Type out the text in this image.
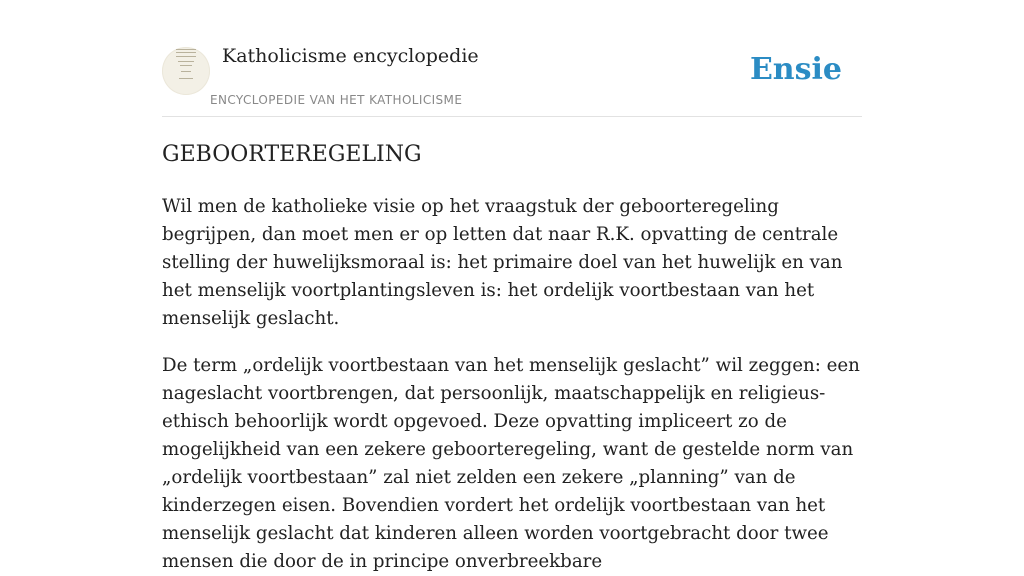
Katholicisme encyclopedie
ENCYCLOPEDIE VAN HET KATHOLICISME
Ensie
GEBOORTEREGELING

Wil men de katholieke visie op het vraagstuk der geboorteregeling begrijpen, dan moet men er op letten dat naar R.K. opvatting de centrale stelling der huwelijksmoraal is: het primaire doel van het huwelijk en van het menselijk voortplantingsleven is: het ordelijk voortbestaan van het menselijk geslacht.

De term „ordelijk voortbestaan van het menselijk geslacht” wil zeggen: een nageslacht voortbrengen, dat persoonlijk, maatschappelijk en religieus-ethisch behoorlijk wordt opgevoed. Deze opvatting impliceert zo de mogelijkheid van een zekere geboorteregeling, want de gestelde norm van „ordelijk voortbestaan” zal niet zelden een zekere „planning” van de kinderzegen eisen. Bovendien vordert het ordelijk voortbestaan van het menselijk geslacht dat kinderen alleen worden voortgebracht door twee mensen die door de in principe onverbreekbare
